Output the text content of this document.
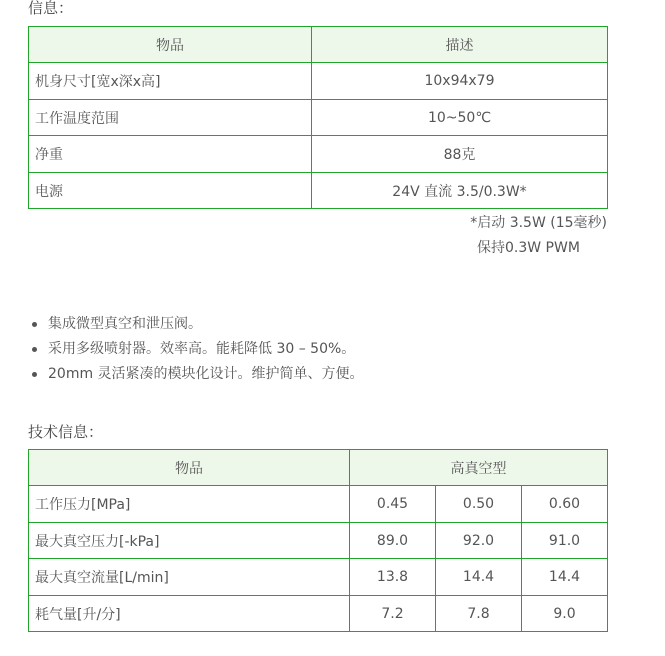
信息：
物品	描述
机身尺寸[宽x深x高]	10x94x79
工作温度范围	10~50℃
净重	88克
电源	24V 直流 3.5/0.3W*
*启动 3.5W (15毫秒)
保持0.3W PWM
集成微型真空和泄压阀。
采用多级喷射器。效率高。能耗降低 30 – 50%。
20mm 灵活紧凑的模块化设计。维护简单、方便。
技术信息：
物品	高真空型		
工作压力[MPa]	0.45	0.50	0.60
最大真空压力[-kPa]	89.0	92.0	91.0
最大真空流量[L/min]	13.8	14.4	14.4
耗气量[升/分]	7.2	7.8	9.0
